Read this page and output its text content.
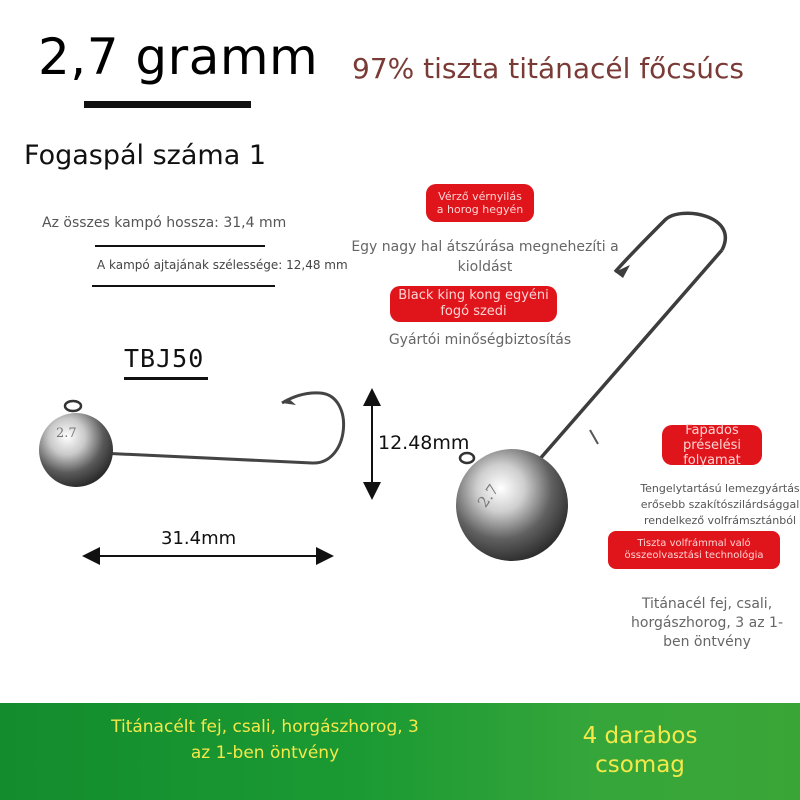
2,7 gramm 97% tiszta titánacél főcsúcs
Fogaspál száma 1
Az összes kampó hossza: 31,4 mm
A kampó ajtajának szélessége: 12,48 mm
TBJ50
2.7	12.48mm
31.4mm
2.7
Vérző vérnyilás a horog hegyén
Egy nagy hal átszúrása megnehezíti a kioldást
Black king kong egyéni fogó szedi
Gyártói minőségbiztosítás
Fapados préselési folyamat
Tengelytartású lemezgyártás erősebb szakítószilárdsággal rendelkező volfrámsztánból
Tiszta volfrámmal való összeolvasztási technológia
Titánacél fej, csali, horgászhorog, 3 az 1-ben öntvény
Titánacélt fej, csali, horgászhorog, 3 az 1-ben öntvény
4 darabos csomag
